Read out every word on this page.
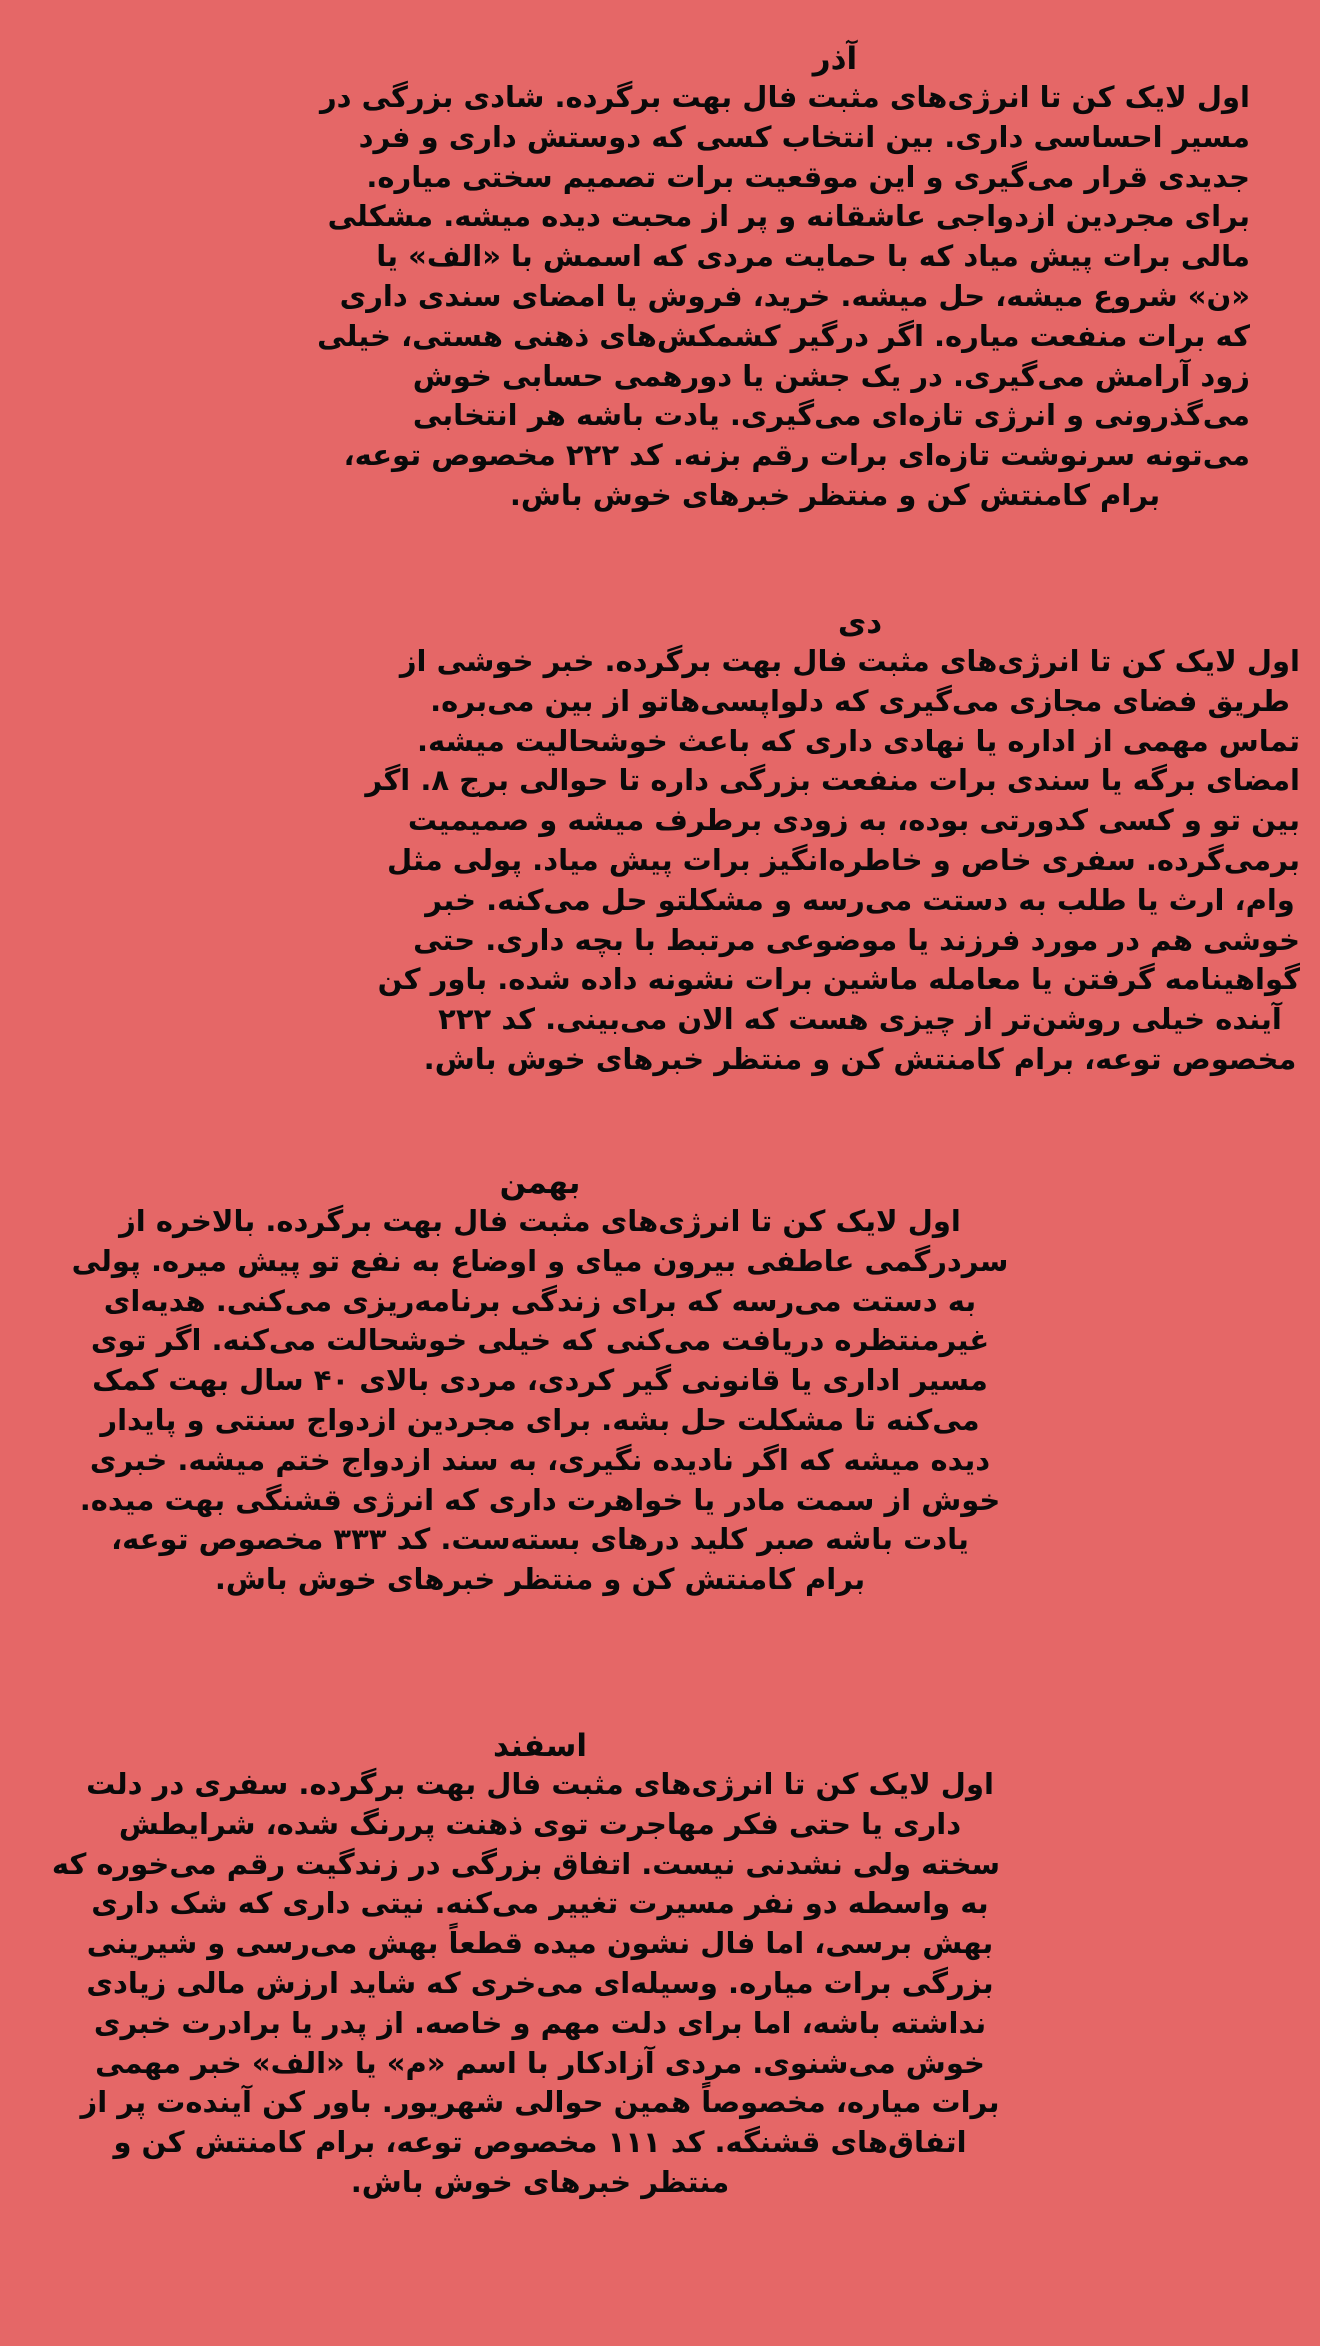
آذر
اول لایک کن تا انرژی‌های مثبت فال بهت برگرده. شادی بزرگی در
مسیر احساسی داری. بین انتخاب کسی که دوستش داری و فرد
جدیدی قرار می‌گیری و این موقعیت برات تصمیم سختی میاره.
برای مجردین ازدواجی عاشقانه و پر از محبت دیده میشه. مشکلی
مالی برات پیش میاد که با حمایت مردی که اسمش با «الف» یا
«ن» شروع میشه، حل میشه. خرید، فروش یا امضای سندی داری
که برات منفعت میاره. اگر درگیر کشمکش‌های ذهنی هستی، خیلی
زود آرامش می‌گیری. در یک جشن یا دورهمی حسابی خوش
می‌گذرونی و انرژی تازه‌ای می‌گیری. یادت باشه هر انتخابی
می‌تونه سرنوشت تازه‌ای برات رقم بزنه. کد ۲۲۲ مخصوص توعه،
برام کامنتش کن و منتظر خبرهای خوش باش.
دی
اول لایک کن تا انرژی‌های مثبت فال بهت برگرده. خبر خوشی از
طریق فضای مجازی می‌گیری که دلواپسی‌هاتو از بین می‌بره.
تماس مهمی از اداره یا نهادی داری که باعث خوشحالیت میشه.
امضای برگه یا سندی برات منفعت بزرگی داره تا حوالی برج ۸. اگر
بین تو و کسی کدورتی بوده، به زودی برطرف میشه و صمیمیت
برمی‌گرده. سفری خاص و خاطره‌انگیز برات پیش میاد. پولی مثل
وام، ارث یا طلب به دستت می‌رسه و مشکلتو حل می‌کنه. خبر
خوشی هم در مورد فرزند یا موضوعی مرتبط با بچه داری. حتی
گواهینامه گرفتن یا معامله ماشین برات نشونه داده شده. باور کن
آینده خیلی روشن‌تر از چیزی هست که الان می‌بینی. کد ۲۲۲
مخصوص توعه، برام کامنتش کن و منتظر خبرهای خوش باش.
بهمن
اول لایک کن تا انرژی‌های مثبت فال بهت برگرده. بالاخره از
سردرگمی عاطفی بیرون میای و اوضاع به نفع تو پیش میره. پولی
به دستت می‌رسه که برای زندگی برنامه‌ریزی می‌کنی. هدیه‌ای
غیرمنتظره دریافت می‌کنی که خیلی خوشحالت می‌کنه. اگر توی
مسیر اداری یا قانونی گیر کردی، مردی بالای ۴۰ سال بهت کمک
می‌کنه تا مشکلت حل بشه. برای مجردین ازدواج سنتی و پایدار
دیده میشه که اگر نادیده نگیری، به سند ازدواج ختم میشه. خبری
خوش از سمت مادر یا خواهرت داری که انرژی قشنگی بهت میده.
یادت باشه صبر کلید درهای بسته‌ست. کد ۳۳۳ مخصوص توعه،
برام کامنتش کن و منتظر خبرهای خوش باش.
اسفند
اول لایک کن تا انرژی‌های مثبت فال بهت برگرده. سفری در دلت
داری یا حتی فکر مهاجرت توی ذهنت پررنگ شده، شرایطش
سخته ولی نشدنی نیست. اتفاق بزرگی در زندگیت رقم می‌خوره که
به واسطه دو نفر مسیرت تغییر می‌کنه. نیتی داری که شک داری
بهش برسی، اما فال نشون میده قطعاً بهش می‌رسی و شیرینی
بزرگی برات میاره. وسیله‌ای می‌خری که شاید ارزش مالی زیادی
نداشته باشه، اما برای دلت مهم و خاصه. از پدر یا برادرت خبری
خوش می‌شنوی. مردی آزادکار با اسم «م» یا «الف» خبر مهمی
برات میاره، مخصوصاً همین حوالی شهریور. باور کن آینده‌ت پر از
اتفاق‌های قشنگه. کد ۱۱۱ مخصوص توعه، برام کامنتش کن و
منتظر خبرهای خوش باش.
